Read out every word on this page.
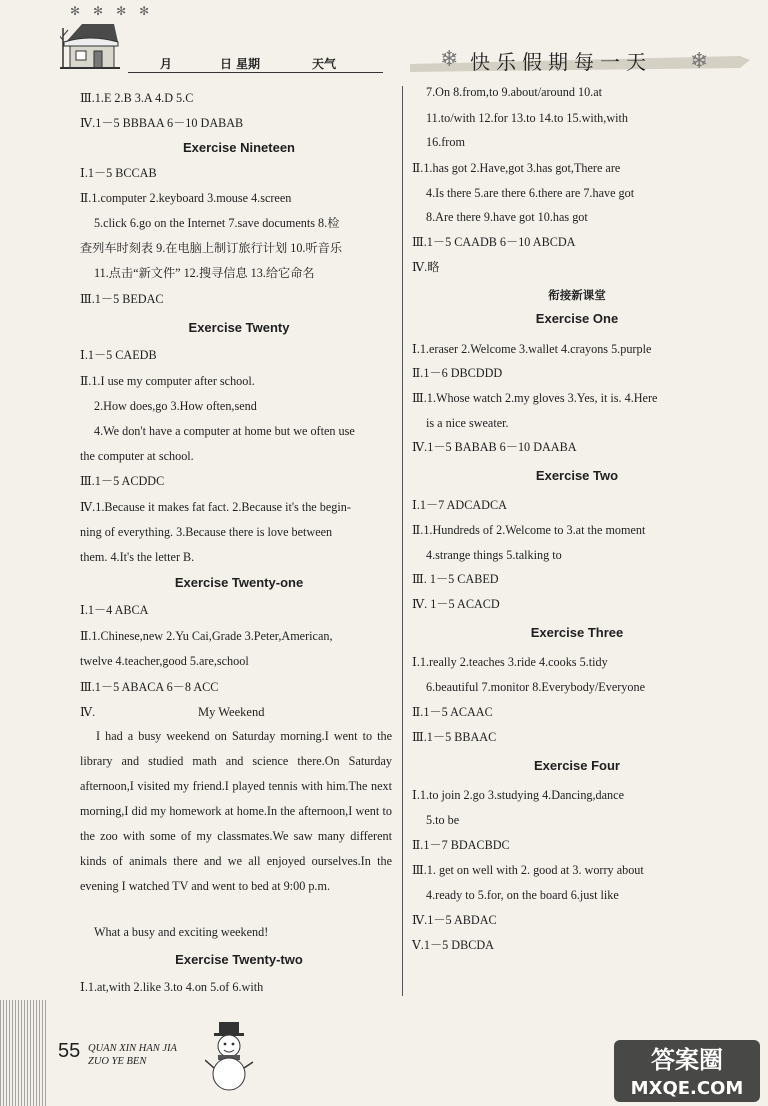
✻ ✻ ✻ ✻
月	日 星期	天气	❄ 快乐假期每一天 ❄
Ⅲ.1.E 2.B 3.A 4.D 5.C
Ⅳ.1－5 BBBAA 6－10 DABAB
Exercise Nineteen
Ⅰ.1－5 BCCAB
Ⅱ.1.computer 2.keyboard 3.mouse 4.screen
5.click 6.go on the Internet 7.save documents 8.检
查列车时刻表 9.在电脑上制订旅行计划 10.听音乐
11.点击“新文件” 12.搜寻信息 13.给它命名
Ⅲ.1－5 BEDAC
Exercise Twenty
Ⅰ.1－5 CAEDB
Ⅱ.1.I use my computer after school.
2.How does,go 3.How often,send
4.We don't have a computer at home but we often use
the computer at school.
Ⅲ.1－5 ACDDC
Ⅳ.1.Because it makes fat fact. 2.Because it's the begin-
ning of everything. 3.Because there is love between
them. 4.It's the letter B.
Exercise Twenty-one
Ⅰ.1－4 ABCA
Ⅱ.1.Chinese,new 2.Yu Cai,Grade 3.Peter,American,
twelve 4.teacher,good 5.are,school
Ⅲ.1－5 ABACA 6－8 ACC
Ⅳ.	My Weekend
I had a busy weekend on Saturday morning.I went to the library and studied math and science there.On Saturday afternoon,I visited my friend.I played tennis with him.The next morning,I did my homework at home.In the afternoon,I went to the zoo with some of my classmates.We saw many different kinds of animals there and we all enjoyed ourselves.In the evening I watched TV and went to bed at 9:00 p.m.
What a busy and exciting weekend!
Exercise Twenty-two
Ⅰ.1.at,with 2.like 3.to 4.on 5.of 6.with
7.On 8.from,to 9.about/around 10.at
11.to/with 12.for 13.to 14.to 15.with,with
16.from
Ⅱ.1.has got 2.Have,got 3.has got,There are
4.Is there 5.are there 6.there are 7.have got
8.Are there 9.have got 10.has got
Ⅲ.1－5 CAADB 6－10 ABCDA
Ⅳ.略
衔接新课堂
Exercise One
Ⅰ.1.eraser 2.Welcome 3.wallet 4.crayons 5.purple
Ⅱ.1－6 DBCDDD
Ⅲ.1.Whose watch 2.my gloves 3.Yes, it is. 4.Here
is a nice sweater.
Ⅳ.1－5 BABAB 6－10 DAABA
Exercise Two
Ⅰ.1－7 ADCADCA
Ⅱ.1.Hundreds of 2.Welcome to 3.at the moment
4.strange things 5.talking to
Ⅲ. 1－5 CABED
Ⅳ. 1－5 ACACD
Exercise Three
Ⅰ.1.really 2.teaches 3.ride 4.cooks 5.tidy
6.beautiful 7.monitor 8.Everybody/Everyone
Ⅱ.1－5 ACAAC
Ⅲ.1－5 BBAAC
Exercise Four
Ⅰ.1.to join 2.go 3.studying 4.Dancing,dance
5.to be
Ⅱ.1－7 BDACBDC
Ⅲ.1. get on well with 2. good at 3. worry about
4.ready to 5.for, on the board 6.just like
Ⅳ.1－5 ABDAC
Ⅴ.1－5 DBCDA
55 QUAN XIN HAN JIA
ZUO YE BEN	答案圈
MXQE.COM
